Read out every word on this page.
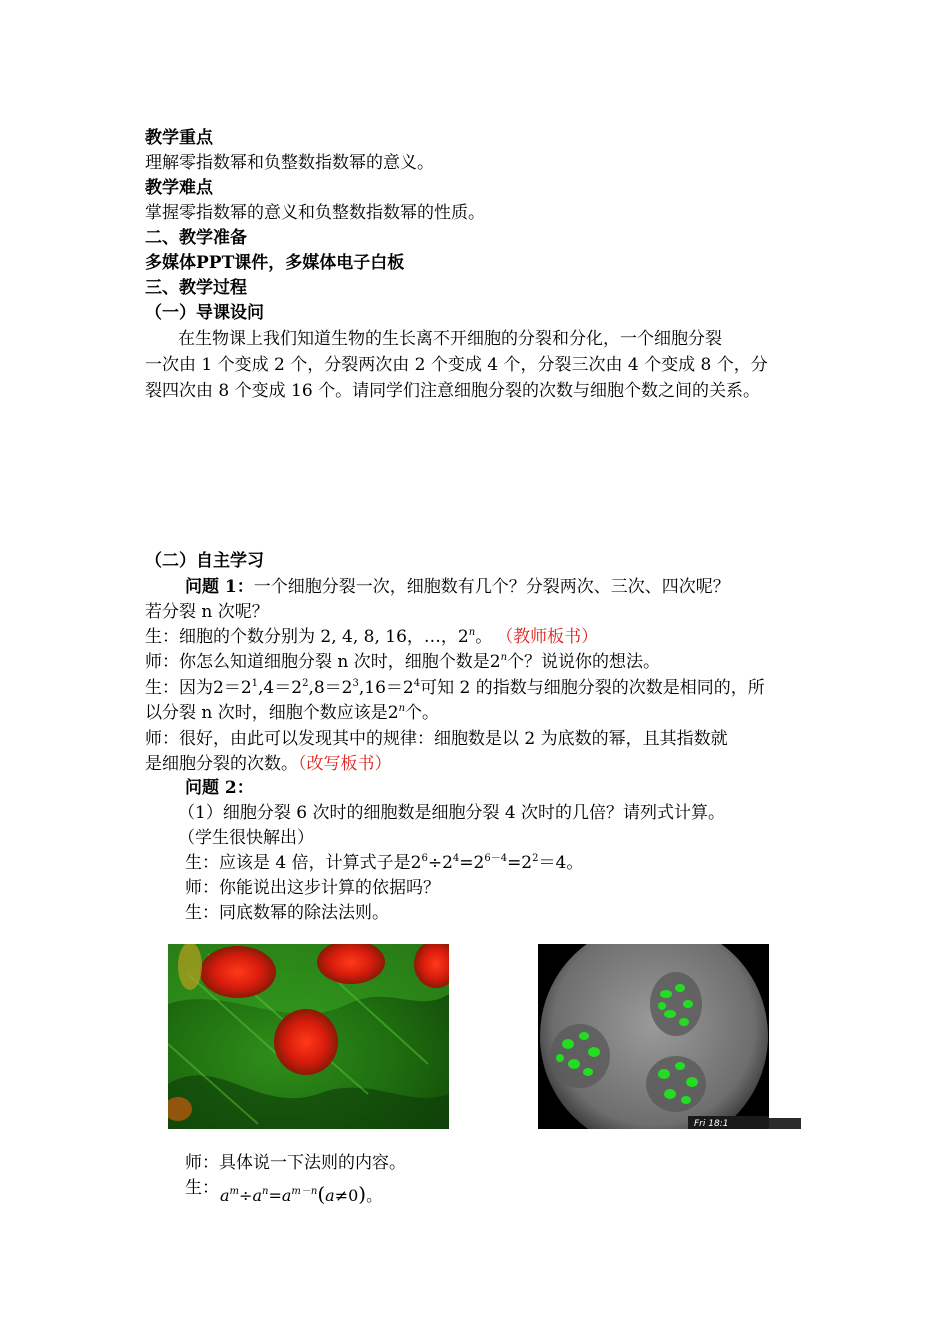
教学重点
理解零指数幂和负整数指数幂的意义。
教学难点
掌握零指数幂的意义和负整数指数幂的性质。
二、教学准备
多媒体PPT课件，多媒体电子白板
三、教学过程
（一）导课设问
在生物课上我们知道生物的生长离不开细胞的分裂和分化，一个细胞分裂
一次由 1 个变成 2 个，分裂两次由 2 个变成 4 个，分裂三次由 4 个变成 8 个，分
裂四次由 8 个变成 16 个。请同学们注意细胞分裂的次数与细胞个数之间的关系。
（二）自主学习
问题 1：一个细胞分裂一次，细胞数有几个？分裂两次、三次、四次呢？
若分裂 n 次呢？
生：细胞的个数分别为 2, 4, 8, 16，…，2$^n$。 （教师板书）
师：你怎么知道细胞分裂 n 次时，细胞个数是2$^n$个？说说你的想法。
生：因为$2=2^1,4=2^2,8=2^3,16=2^4$可知 2 的指数与细胞分裂的次数是相同的，所
以分裂 n 次时，细胞个数应该是2$^n$个。
师：很好，由此可以发现其中的规律：细胞数是以 2 为底数的幂，且其指数就
是细胞分裂的次数。（改写板书）
问题 2：
（1）细胞分裂 6 次时的细胞数是细胞分裂 4 次时的几倍？请列式计算。
（学生很快解出）
生：应该是 4 倍，计算式子是$2^6\div 2^4=2^{6-4}=2^2=4$。
师：你能说出这步计算的依据吗？
生：同底数幂的除法法则。
Fri 18:1
师：具体说一下法则的内容。
生： $a^m\div a^n=a^{m-n}(a\ne 0)$。
